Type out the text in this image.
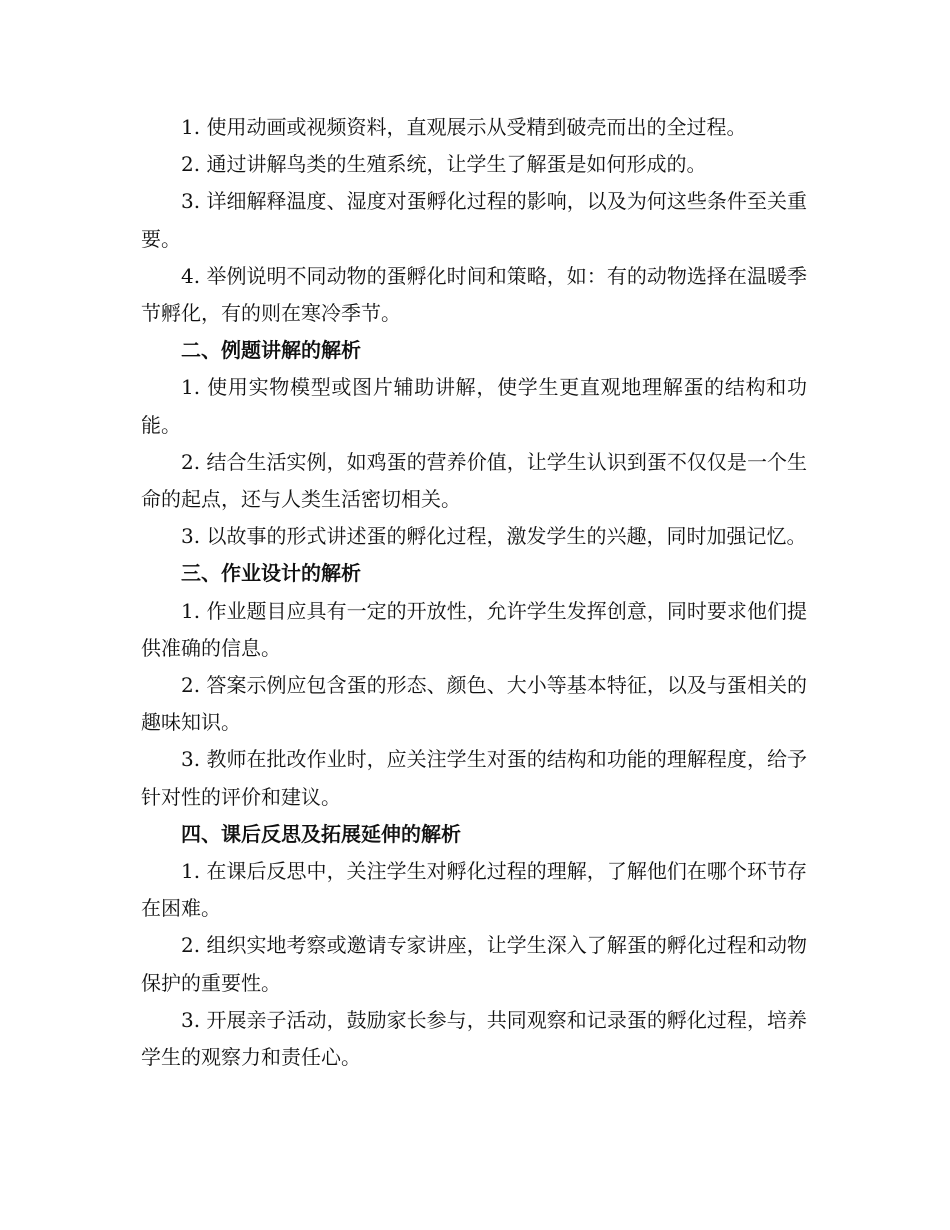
1. 使用动画或视频资料，直观展示从受精到破壳而出的全过程。

2. 通过讲解鸟类的生殖系统，让学生了解蛋是如何形成的。

3. 详细解释温度、湿度对蛋孵化过程的影响，以及为何这些条件至关重要。

4. 举例说明不同动物的蛋孵化时间和策略，如：有的动物选择在温暖季节孵化，有的则在寒冷季节。

二、例题讲解的解析

1. 使用实物模型或图片辅助讲解，使学生更直观地理解蛋的结构和功能。

2. 结合生活实例，如鸡蛋的营养价值，让学生认识到蛋不仅仅是一个生命的起点，还与人类生活密切相关。

3. 以故事的形式讲述蛋的孵化过程，激发学生的兴趣，同时加强记忆。

三、作业设计的解析

1. 作业题目应具有一定的开放性，允许学生发挥创意，同时要求他们提供准确的信息。

2. 答案示例应包含蛋的形态、颜色、大小等基本特征，以及与蛋相关的趣味知识。

3. 教师在批改作业时，应关注学生对蛋的结构和功能的理解程度，给予针对性的评价和建议。

四、课后反思及拓展延伸的解析

1. 在课后反思中，关注学生对孵化过程的理解，了解他们在哪个环节存在困难。

2. 组织实地考察或邀请专家讲座，让学生深入了解蛋的孵化过程和动物保护的重要性。

3. 开展亲子活动，鼓励家长参与，共同观察和记录蛋的孵化过程，培养学生的观察力和责任心。
